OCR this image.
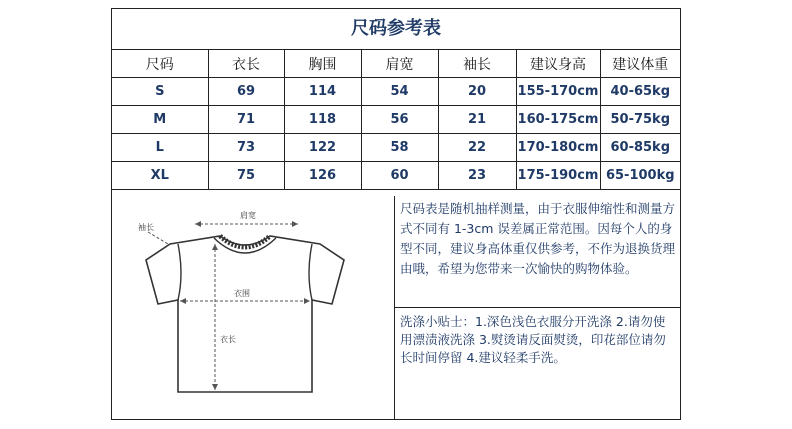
尺码参考表
尺码	衣长	胸围	肩宽	袖长	建议身高	建议体重
S	69	114	54	20	155-170cm	40-65kg
M	71	118	56	21	160-175cm	50-75kg
L	73	122	58	22	170-180cm	60-85kg
XL	75	126	60	23	175-190cm	65-100kg
肩宽
袖长
衣围
衣长
尺码表是随机抽样测量，由于衣服伸缩性和测量方式不同有 1-3cm 误差属正常范围。因每个人的身型不同，建议身高体重仅供参考，不作为退换货理由哦，希望为您带来一次愉快的购物体验。
洗涤小贴士：1.深色浅色衣服分开洗涤 2.请勿使用漂渍液洗涤 3.熨烫请反面熨烫，印花部位请勿长时间停留 4.建议轻柔手洗。
